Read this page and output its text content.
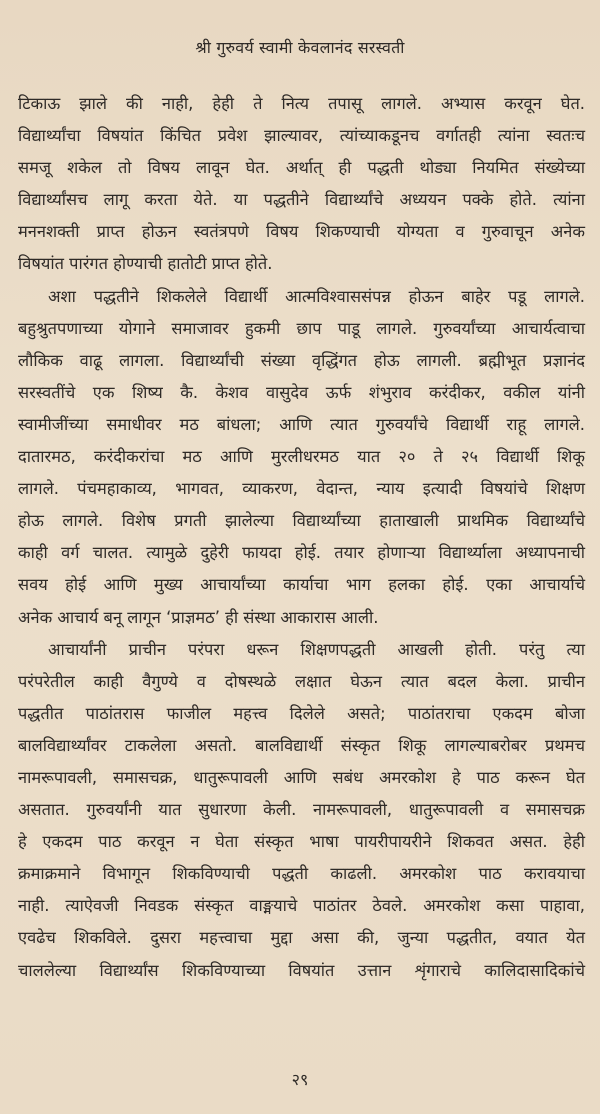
श्री गुरुवर्य स्वामी केवलानंद सरस्वती
टिकाऊ झाले की नाही, हेही ते नित्य तपासू लागले. अभ्यास करवून घेत.
विद्यार्थ्यांचा विषयांत किंचित प्रवेश झाल्यावर, त्यांच्याकडूनच वर्गातही त्यांना स्वतःच
समजू शकेल तो विषय लावून घेत. अर्थात् ही पद्धती थोड्या नियमित संख्येच्या
विद्यार्थ्यांसच लागू करता येते. या पद्धतीने विद्यार्थ्यांचे अध्ययन पक्के होते. त्यांना
मननशक्ती प्राप्त होऊन स्वतंत्रपणे विषय शिकण्याची योग्यता व गुरुवाचून अनेक
विषयांत पारंगत होण्याची हातोटी प्राप्त होते.
अशा पद्धतीने शिकलेले विद्यार्थी आत्मविश्वाससंपन्न होऊन बाहेर पडू लागले.
बहुश्रुतपणाच्या योगाने समाजावर हुकमी छाप पाडू लागले. गुरुवर्यांच्या आचार्यत्वाचा
लौकिक वाढू लागला. विद्यार्थ्यांची संख्या वृद्धिंगत होऊ लागली. ब्रह्मीभूत प्रज्ञानंद
सरस्वतींचे एक शिष्य कै. केशव वासुदेव ऊर्फ शंभुराव करंदीकर, वकील यांनी
स्वामीजींच्या समाधीवर मठ बांधला; आणि त्यात गुरुवर्यांचे विद्यार्थी राहू लागले.
दातारमठ, करंदीकरांचा मठ आणि मुरलीधरमठ यात २० ते २५ विद्यार्थी शिकू
लागले. पंचमहाकाव्य, भागवत, व्याकरण, वेदान्त, न्याय इत्यादी विषयांचे शिक्षण
होऊ लागले. विशेष प्रगती झालेल्या विद्यार्थ्यांच्या हाताखाली प्राथमिक विद्यार्थ्यांचे
काही वर्ग चालत. त्यामुळे दुहेरी फायदा होई. तयार होणाऱ्या विद्यार्थ्याला अध्यापनाची
सवय होई आणि मुख्य आचार्यांच्या कार्याचा भाग हलका होई. एका आचार्याचे
अनेक आचार्य बनू लागून ‘प्राज्ञमठ’ ही संस्था आकारास आली.
आचार्यांनी प्राचीन परंपरा धरून शिक्षणपद्धती आखली होती. परंतु त्या
परंपरेतील काही वैगुण्ये व दोषस्थळे लक्षात घेऊन त्यात बदल केला. प्राचीन
पद्धतीत पाठांतरास फाजील महत्त्व दिलेले असते; पाठांतराचा एकदम बोजा
बालविद्यार्थ्यांवर टाकलेला असतो. बालविद्यार्थी संस्कृत शिकू लागल्याबरोबर प्रथमच
नामरूपावली, समासचक्र, धातुरूपावली आणि सबंध अमरकोश हे पाठ करून घेत
असतात. गुरुवर्यांनी यात सुधारणा केली. नामरूपावली, धातुरूपावली व समासचक्र
हे एकदम पाठ करवून न घेता संस्कृत भाषा पायरीपायरीने शिकवत असत. हेही
क्रमाक्रमाने विभागून शिकविण्याची पद्धती काढली. अमरकोश पाठ करावयाचा
नाही. त्याऐवजी निवडक संस्कृत वाङ्मयाचे पाठांतर ठेवले. अमरकोश कसा पाहावा,
एवढेच शिकविले. दुसरा महत्त्वाचा मुद्दा असा की, जुन्या पद्धतीत, वयात येत
चाललेल्या विद्यार्थ्यांस शिकविण्याच्या विषयांत उत्तान शृंगाराचे कालिदासादिकांचे
२९
